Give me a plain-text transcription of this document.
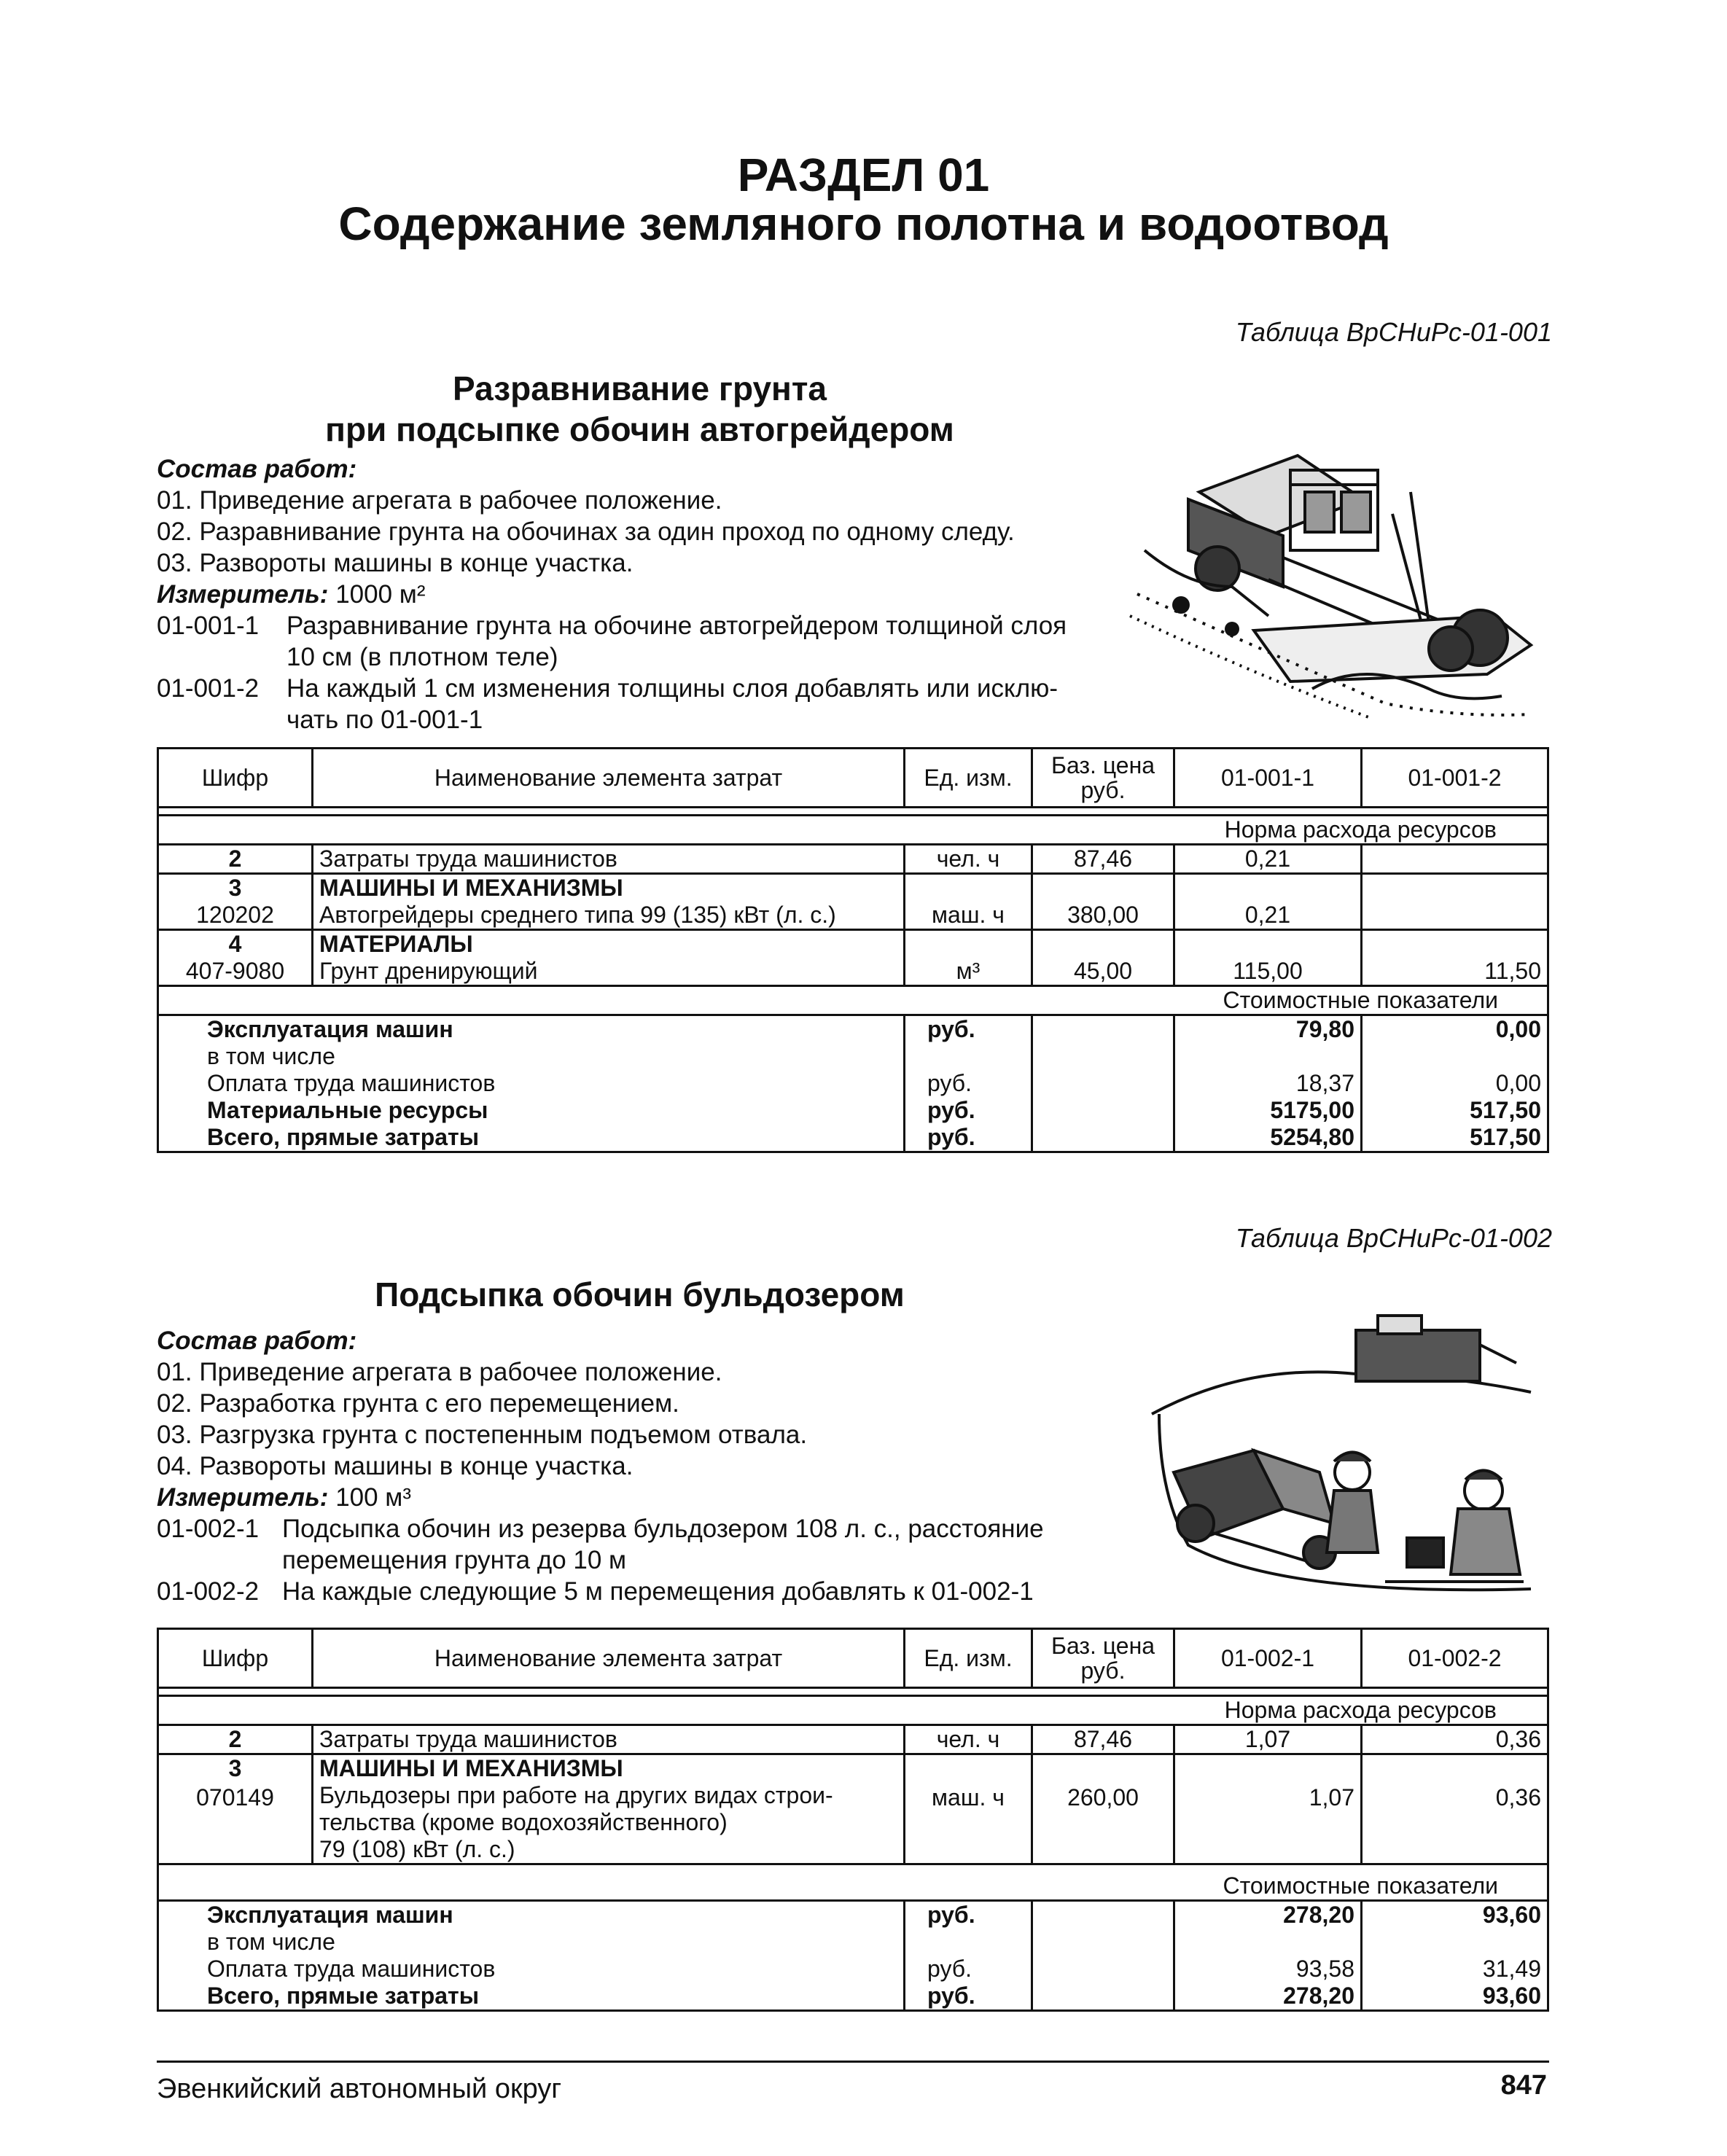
РАЗДЕЛ 01
Содержание земляного полотна и водоотвод
Таблица ВрСНиРс-01-001
Разравнивание грунта
при подсыпке обочин автогрейдером
Состав работ:
01. Приведение агрегата в рабочее положение.
02. Разравнивание грунта на обочинах за один проход по одному следу.
03. Развороты машины в конце участка.
Измеритель: 1000 м²
01-001-1 Разравнивание грунта на обочине автогрейдером толщиной слоя
10 см (в плотном теле)
01-001-2 На каждый 1 см изменения толщины слоя добавлять или исклю-
чать по 01-001-1
Шифр	Наименование элемента затрат	Ед. изм.	Баз. цена руб.	01-001-1	01-001-2

				Норма расхода ресурсов	
2	Затраты труда машинистов	чел. ч	87,46	0,21	
3	МАШИНЫ И МЕХАНИЗМЫ				
120202	Автогрейдеры среднего типа 99 (135) кВт (л. с.)	маш. ч	380,00	0,21	
4	МАТЕРИАЛЫ				
407-9080	Грунт дренирующий	м³	45,00	115,00	11,50
				Стоимостные показатели	
Эксплуатация машин		руб.		79,80	0,00
в том числе					
Оплата труда машинистов		руб.		18,37	0,00
Материальные ресурсы		руб.		5175,00	517,50
Всего, прямые затраты		руб.		5254,80	517,50
Таблица ВрСНиРс-01-002
Подсыпка обочин бульдозером
Состав работ:
01. Приведение агрегата в рабочее положение.
02. Разработка грунта с его перемещением.
03. Разгрузка грунта с постепенным подъемом отвала.
04. Развороты машины в конце участка.
Измеритель: 100 м³
01-002-1 Подсыпка обочин из резерва бульдозером 108 л. с., расстояние
перемещения грунта до 10 м
01-002-2 На каждые следующие 5 м перемещения добавлять к 01-002-1
Шифр	Наименование элемента затрат	Ед. изм.	Баз. цена руб.	01-002-1	01-002-2

				Норма расхода ресурсов	
2	Затраты труда машинистов	чел. ч	87,46	1,07	0,36
3	МАШИНЫ И МЕХАНИЗМЫ				
070149	Бульдозеры при работе на других видах строи-
тельства (кроме водохозяйственного)
79 (108) кВт (л. с.)	маш. ч	260,00	1,07	0,36

				Стоимостные показатели	
Эксплуатация машин		руб.		278,20	93,60
в том числе					
Оплата труда машинистов		руб.		93,58	31,49
Всего, прямые затраты		руб.		278,20	93,60
Эвенкийский автономный округ	847
